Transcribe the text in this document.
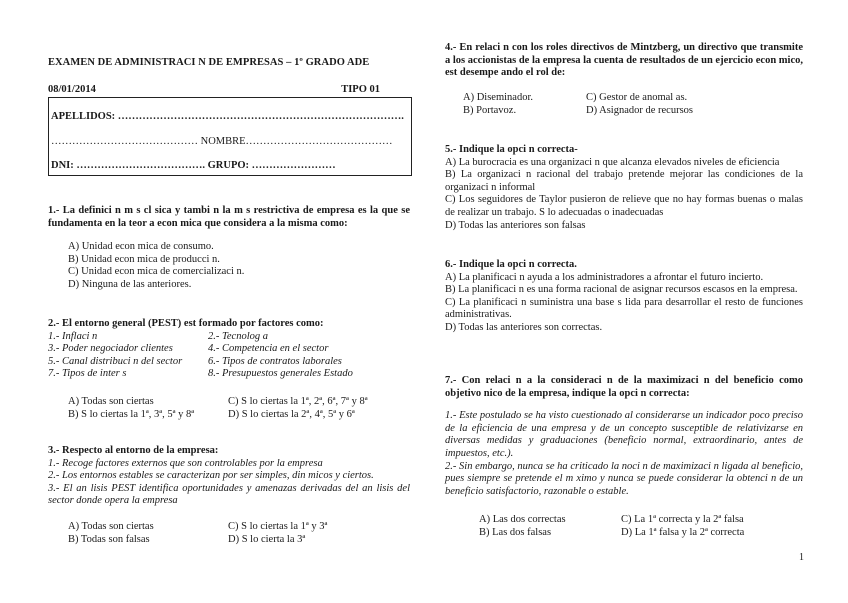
EXAMEN DE ADMINISTRACI N DE EMPRESAS – 1º GRADO ADE
08/01/2014	TIPO 01
APELLIDOS: ……………………………………………………………………….
…………………………………… NOMBRE……………………………………
DNI: ………………………………. GRUPO: ……………………

1.- La definici n m s cl sica y tambi n la m s restrictiva de empresa es la que se fundamenta en la teor a econ mica que considera a la misma como:

A) Unidad econ mica de consumo.

B) Unidad econ mica de producci n.

C) Unidad econ mica de comercializaci n.

D) Ninguna de las anteriores.

2.- El entorno general (PEST) est formado por factores como:

1.- Inflaci n	2.- Tecnolog a
3.- Poder negociador clientes	4.- Competencia en el sector
5.- Canal distribuci n del sector	6.- Tipos de contratos laborales
7.- Tipos de inter s	8.- Presupuestos generales Estado
A) Todas son ciertas	C) S lo ciertas la 1ª, 2ª, 6ª, 7ª y 8ª
B) S lo ciertas la 1ª, 3ª, 5ª y 8ª	D) S lo ciertas la 2ª, 4ª, 5ª y 6ª

3.- Respecto al entorno de la empresa:

1.- Recoge factores externos que son controlables por la empresa

2.- Los entornos estables se caracterizan por ser simples, din micos y ciertos.

3.- El an lisis PEST identifica oportunidades y amenazas derivadas del an lisis del sector donde opera la empresa

A) Todas son ciertas	C) S lo ciertas la 1ª y 3ª
B) Todas son falsas	D) S lo cierta la 3ª

4.- En relaci n con los roles directivos de Mintzberg, un directivo que transmite a los accionistas de la empresa la cuenta de resultados de un ejercicio econ mico, est desempe ando el rol de:

A) Diseminador.	C) Gestor de anomal as.
B) Portavoz.	D) Asignador de recursos

5.- Indique la opci n correcta-

A) La burocracia es una organizaci n que alcanza elevados niveles de eficiencia

B) La organizaci n racional del trabajo pretende mejorar las condiciones de la organizaci n informal

C) Los seguidores de Taylor pusieron de relieve que no hay formas buenas o malas de realizar un trabajo. S lo adecuadas o inadecuadas

D) Todas las anteriores son falsas

6.- Indique la opci n correcta.

A) La planificaci n ayuda a los administradores a afrontar el futuro incierto.

B) La planificaci n es una forma racional de asignar recursos escasos en la empresa.

C) La planificaci n suministra una base s lida para desarrollar el resto de funciones administrativas.

D) Todas las anteriores son correctas.

7.- Con relaci n a la consideraci n de la maximizaci n del beneficio como objetivo nico de la empresa, indique la opci n correcta:

1.- Este postulado se ha visto cuestionado al considerarse un indicador poco preciso de la eficiencia de una empresa y de un concepto susceptible de relativizarse en diversas medidas y graduaciones (beneficio normal, extraordinario, antes de impuestos, etc.).

2.- Sin embargo, nunca se ha criticado la noci n de maximizaci n ligada al beneficio, pues siempre se pretende el m ximo y nunca se puede considerar la obtenci n de un beneficio satisfactorio, razonable o estable.

A) Las dos correctas	C) La 1ª correcta y la 2ª falsa
B) Las dos falsas	D) La 1ª falsa y la 2ª correcta
1
